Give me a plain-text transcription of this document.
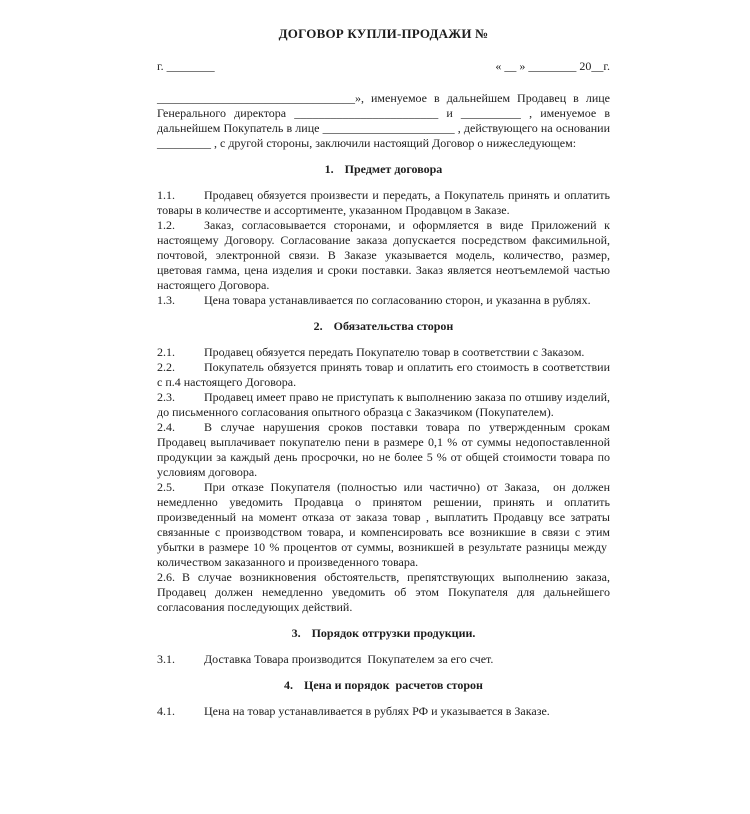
ДОГОВОР КУПЛИ-ПРОДАЖИ №
г. ________	« __ » ________ 20__г.

_________________________________», именуемое в дальнейшем Продавец в лице Генерального директора ________________________ и __________ , именуемое в дальнейшем Покупатель в лице ______________________ , действующего на основании _________ , с другой стороны, заключили настоящий Договор о нижеследующем:

1. Предмет договора

1.1. Продавец обязуется произвести и передать, а Покупатель принять и оплатить товары в количестве и ассортименте, указанном Продавцом в Заказе.

1.2. Заказ, согласовывается сторонами, и оформляется в виде Приложений к настоящему Договору. Согласование заказа допускается посредством факсимильной, почтовой, электронной связи. В Заказе указывается модель, количество, размер, цветовая гамма, цена изделия и сроки поставки. Заказ является неотъемлемой частью настоящего Договора.

1.3. Цена товара устанавливается по согласованию сторон, и указанна в рублях.

2. Обязательства сторон

2.1. Продавец обязуется передать Покупателю товар в соответствии с Заказом.

2.2. Покупатель обязуется принять товар и оплатить его стоимость в соответствии с п.4 настоящего Договора.

2.3. Продавец имеет право не приступать к выполнению заказа по отшиву изделий, до письменного согласования опытного образца с Заказчиком (Покупателем).

2.4. В случае нарушения сроков поставки товара по утвержденным срокам Продавец выплачивает покупателю пени в размере 0,1 % от суммы недопоставленной продукции за каждый день просрочки, но не более 5 % от общей стоимости товара по условиям договора.

2.5. При отказе Покупателя (полностью или частично) от Заказа,  он должен немедленно уведомить Продавца о принятом решении, принять и оплатить произведенный на момент отказа от заказа товар , выплатить Продавцу все затраты связанные с производством товара, и компенсировать все возникшие в связи с этим убытки в размере 10 % процентов от суммы, возникшей в результате разницы между  количеством заказанного и произведенного товара.

2.6. В случае возникновения обстоятельств, препятствующих выполнению заказа, Продавец должен немедленно уведомить об этом Покупателя для дальнейшего согласования последующих действий.

3. Порядок отгрузки продукции.

3.1. Доставка Товара производится  Покупателем за его счет.

4. Цена и порядок  расчетов сторон

4.1. Цена на товар устанавливается в рублях РФ и указывается в Заказе.
